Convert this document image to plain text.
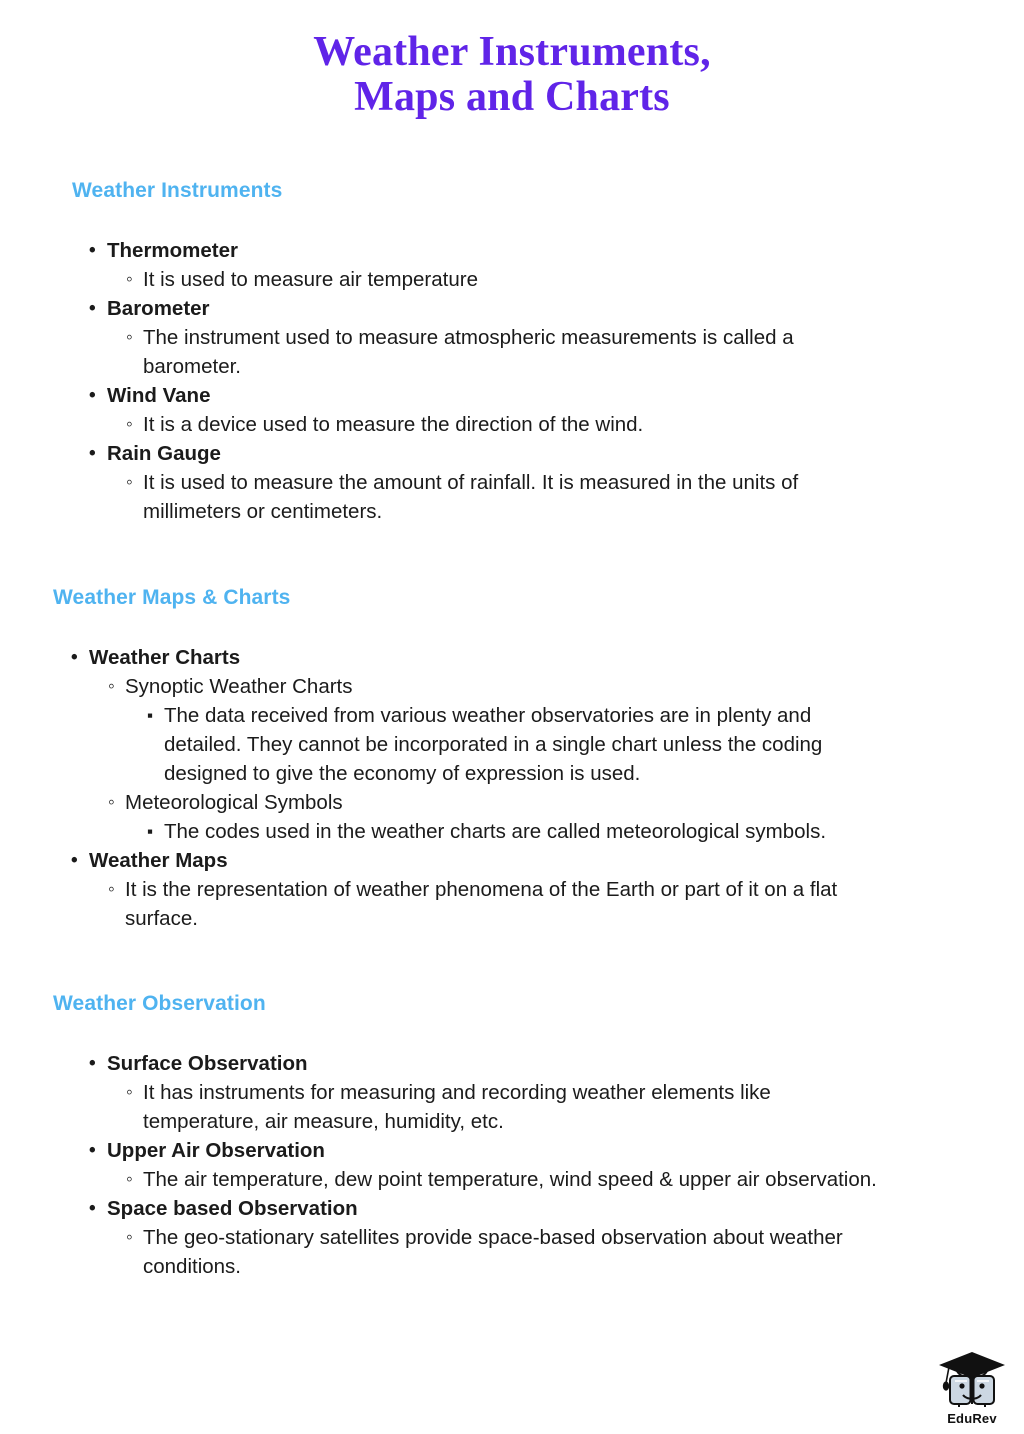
Weather Instruments,
Maps and Charts
Weather Instruments
• Thermometer
◦ It is used to measure air temperature
• Barometer
◦ The instrument used to measure atmospheric measurements is called a barometer.
• Wind Vane
◦ It is a device used to measure the direction of the wind.
• Rain Gauge
◦ It is used to measure the amount of rainfall. It is measured in the units of millimeters or centimeters.
Weather Maps & Charts
• Weather Charts
◦ Synoptic Weather Charts
▪ The data received from various weather observatories are in plenty and detailed. They cannot be incorporated in a single chart unless the coding designed to give the economy of expression is used.
◦ Meteorological Symbols
▪ The codes used in the weather charts are called meteorological symbols.
• Weather Maps
◦ It is the representation of weather phenomena of the Earth or part of it on a flat surface.
Weather Observation
• Surface Observation
◦ It has instruments for measuring and recording weather elements like temperature, air measure, humidity, etc.
• Upper Air Observation
◦ The air temperature, dew point temperature, wind speed & upper air observation.
• Space based Observation
◦ The geo-stationary satellites provide space-based observation about weather conditions.
EduRev
